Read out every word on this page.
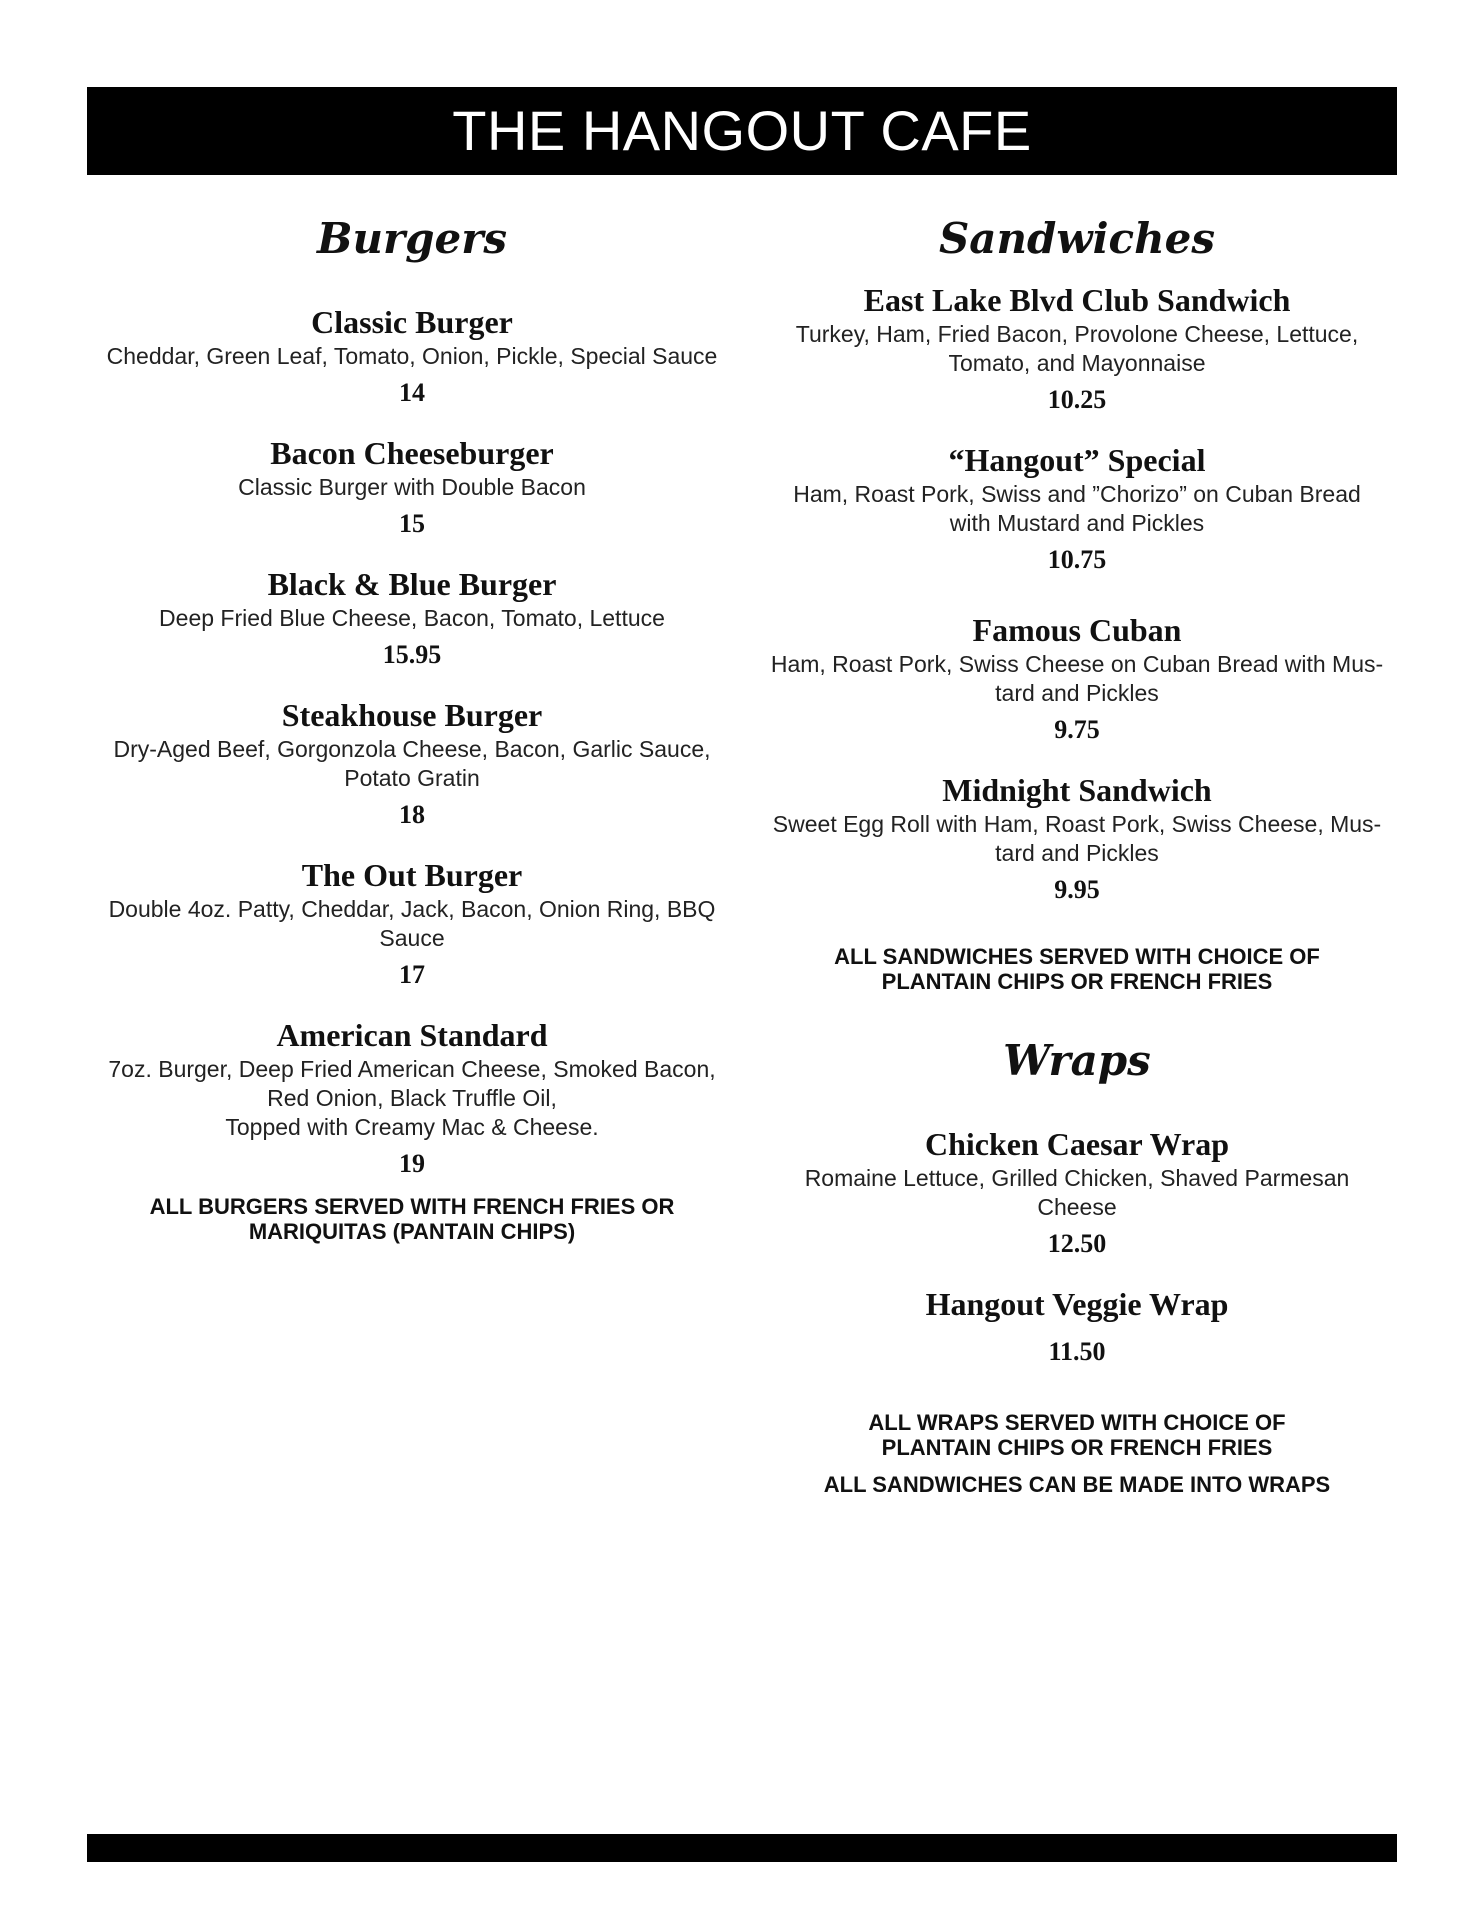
THE HANGOUT CAFE
Burgers
Classic Burger
Cheddar, Green Leaf, Tomato, Onion, Pickle, Special Sauce
14
Bacon Cheeseburger
Classic Burger with Double Bacon
15
Black & Blue Burger
Deep Fried Blue Cheese, Bacon, Tomato, Lettuce
15.95
Steakhouse Burger
Dry-Aged Beef, Gorgonzola Cheese, Bacon, Garlic Sauce,
Potato Gratin
18
The Out Burger
Double 4oz. Patty, Cheddar, Jack, Bacon, Onion Ring, BBQ
Sauce
17
American Standard
7oz. Burger, Deep Fried American Cheese, Smoked Bacon,
Red Onion, Black Truffle Oil,
Topped with Creamy Mac & Cheese.
19
ALL BURGERS SERVED WITH FRENCH FRIES OR
MARIQUITAS (PANTAIN CHIPS)
Sandwiches
East Lake Blvd Club Sandwich
Turkey, Ham, Fried Bacon, Provolone Cheese, Lettuce,
Tomato, and Mayonnaise
10.25
“Hangout” Special
Ham, Roast Pork, Swiss and ”Chorizo” on Cuban Bread
with Mustard and Pickles
10.75
Famous Cuban
Ham, Roast Pork, Swiss Cheese on Cuban Bread with Mus-
tard and Pickles
9.75
Midnight Sandwich
Sweet Egg Roll with Ham, Roast Pork, Swiss Cheese, Mus-
tard and Pickles
9.95
ALL SANDWICHES SERVED WITH CHOICE OF
PLANTAIN CHIPS OR FRENCH FRIES
Wraps
Chicken Caesar Wrap
Romaine Lettuce, Grilled Chicken, Shaved Parmesan
Cheese
12.50
Hangout Veggie Wrap
11.50
ALL WRAPS SERVED WITH CHOICE OF
PLANTAIN CHIPS OR FRENCH FRIES
ALL SANDWICHES CAN BE MADE INTO WRAPS
